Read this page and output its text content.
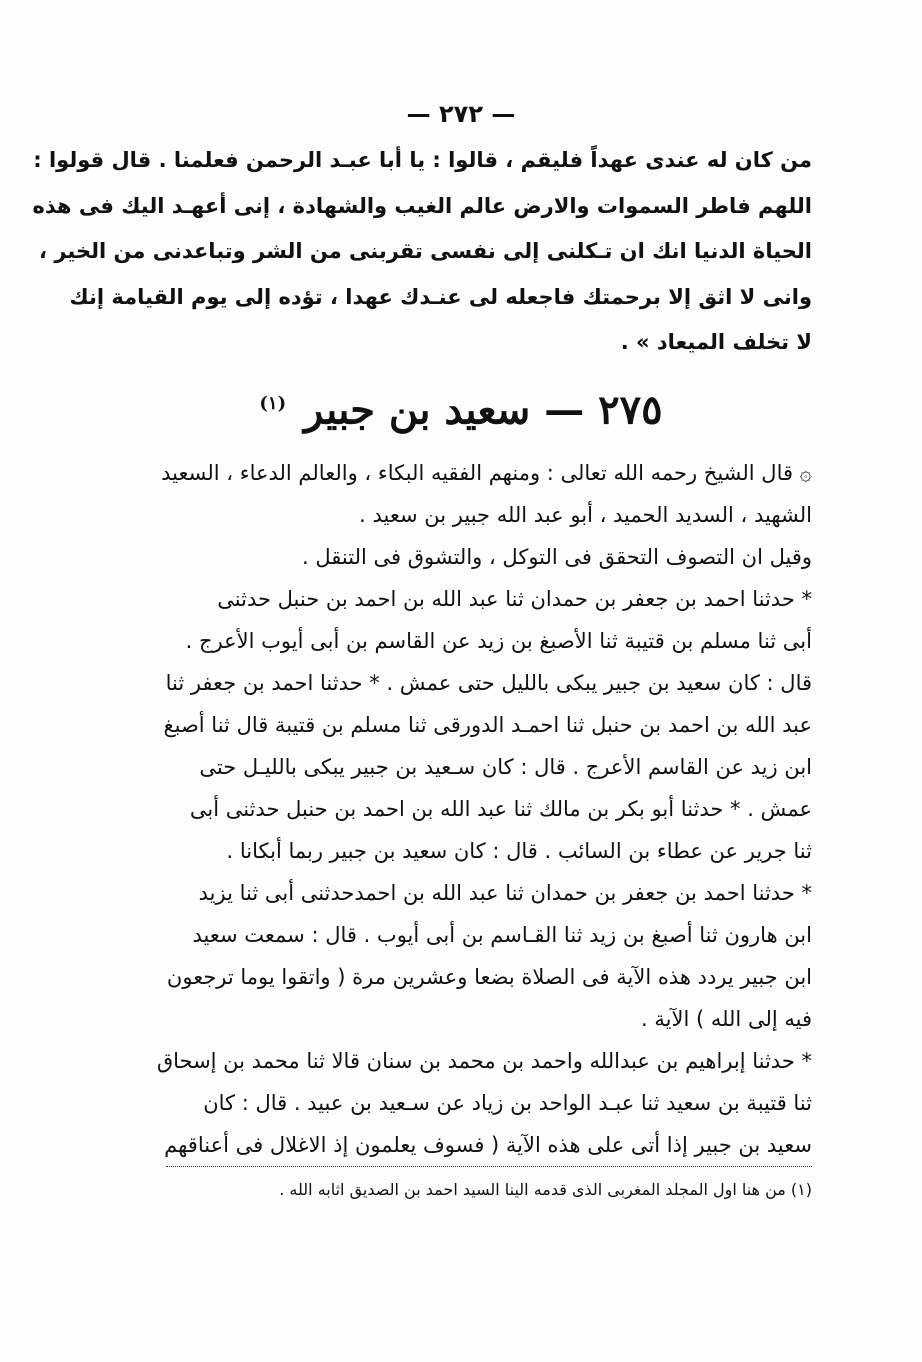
— ٢٧٢ —
من كان له عندى عهداً فليقم ، قالوا : يا أبا عبـد الرحمن فعلمنا . قال قولوا :
اللهم فاطر السموات والارض عالم الغيب والشهادة ، إنى أعهـد اليك فى هذه
الحياة الدنيا انك ان تـكلنى إلى نفسى تقربنى من الشر وتباعدنى من الخير ،
وانى لا اثق إلا برحمتك فاجعله لى عنـدك عهدا ، تؤده إلى يوم القيامة إنك
لا تخلف الميعاد » .
٢٧٥ — سعيد بن جبير $^{(١)}$
۞ قال الشيخ رحمه الله تعالى : ومنهم الفقيه البكاء ، والعالم الدعاء ، السعيد
الشهيد ، السديد الحميد ، أبو عبد الله جبير بن سعيد .
وقيل ان التصوف التحقق فى التوكل ، والتشوق فى التنقل .
* حدثنا احمد بن جعفر بن حمدان ثنا عبد الله بن احمد بن حنبل حدثنى
أبى ثنا مسلم بن قتيبة ثنا الأصبغ بن زيد عن القاسم بن أبى أيوب الأعرج .
قال : كان سعيد بن جبير يبكى بالليل حتى عمش . * حدثنا احمد بن جعفر ثنا
عبد الله بن احمد بن حنبل ثنا احمـد الدورقى ثنا مسلم بن قتيبة قال ثنا أصبغ
ابن زيد عن القاسم الأعرج . قال : كان سـعيد بن جبير يبكى بالليـل حتى
عمش . * حدثنا أبو بكر بن مالك ثنا عبد الله بن احمد بن حنبل حدثنى أبى
ثنا جرير عن عطاء بن السائب . قال : كان سعيد بن جبير ربما أبكانا .
* حدثنا احمد بن جعفر بن حمدان ثنا عبد الله بن احمدحدثنى أبى ثنا يزيد
ابن هارون ثنا أصبغ بن زيد ثنا القـاسم بن أبى أيوب . قال : سمعت سعيد
ابن جبير يردد هذه الآية فى الصلاة بضعا وعشرين مرة ( واتقوا يوما ترجعون
فيه إلى الله ) الآية .
* حدثنا إبراهيم بن عبدالله واحمد بن محمد بن سنان قالا ثنا محمد بن إسحاق
ثنا قتيبة بن سعيد ثنا عبـد الواحد بن زياد عن سـعيد بن عبيد . قال : كان
سعيد بن جبير إذا أتى على هذه الآية ( فسوف يعلمون إذ الاغلال فى أعناقهم
(١) من هنا اول المجلد المغربى الذى قدمه الينا السيد احمد بن الصديق اثابه الله .
